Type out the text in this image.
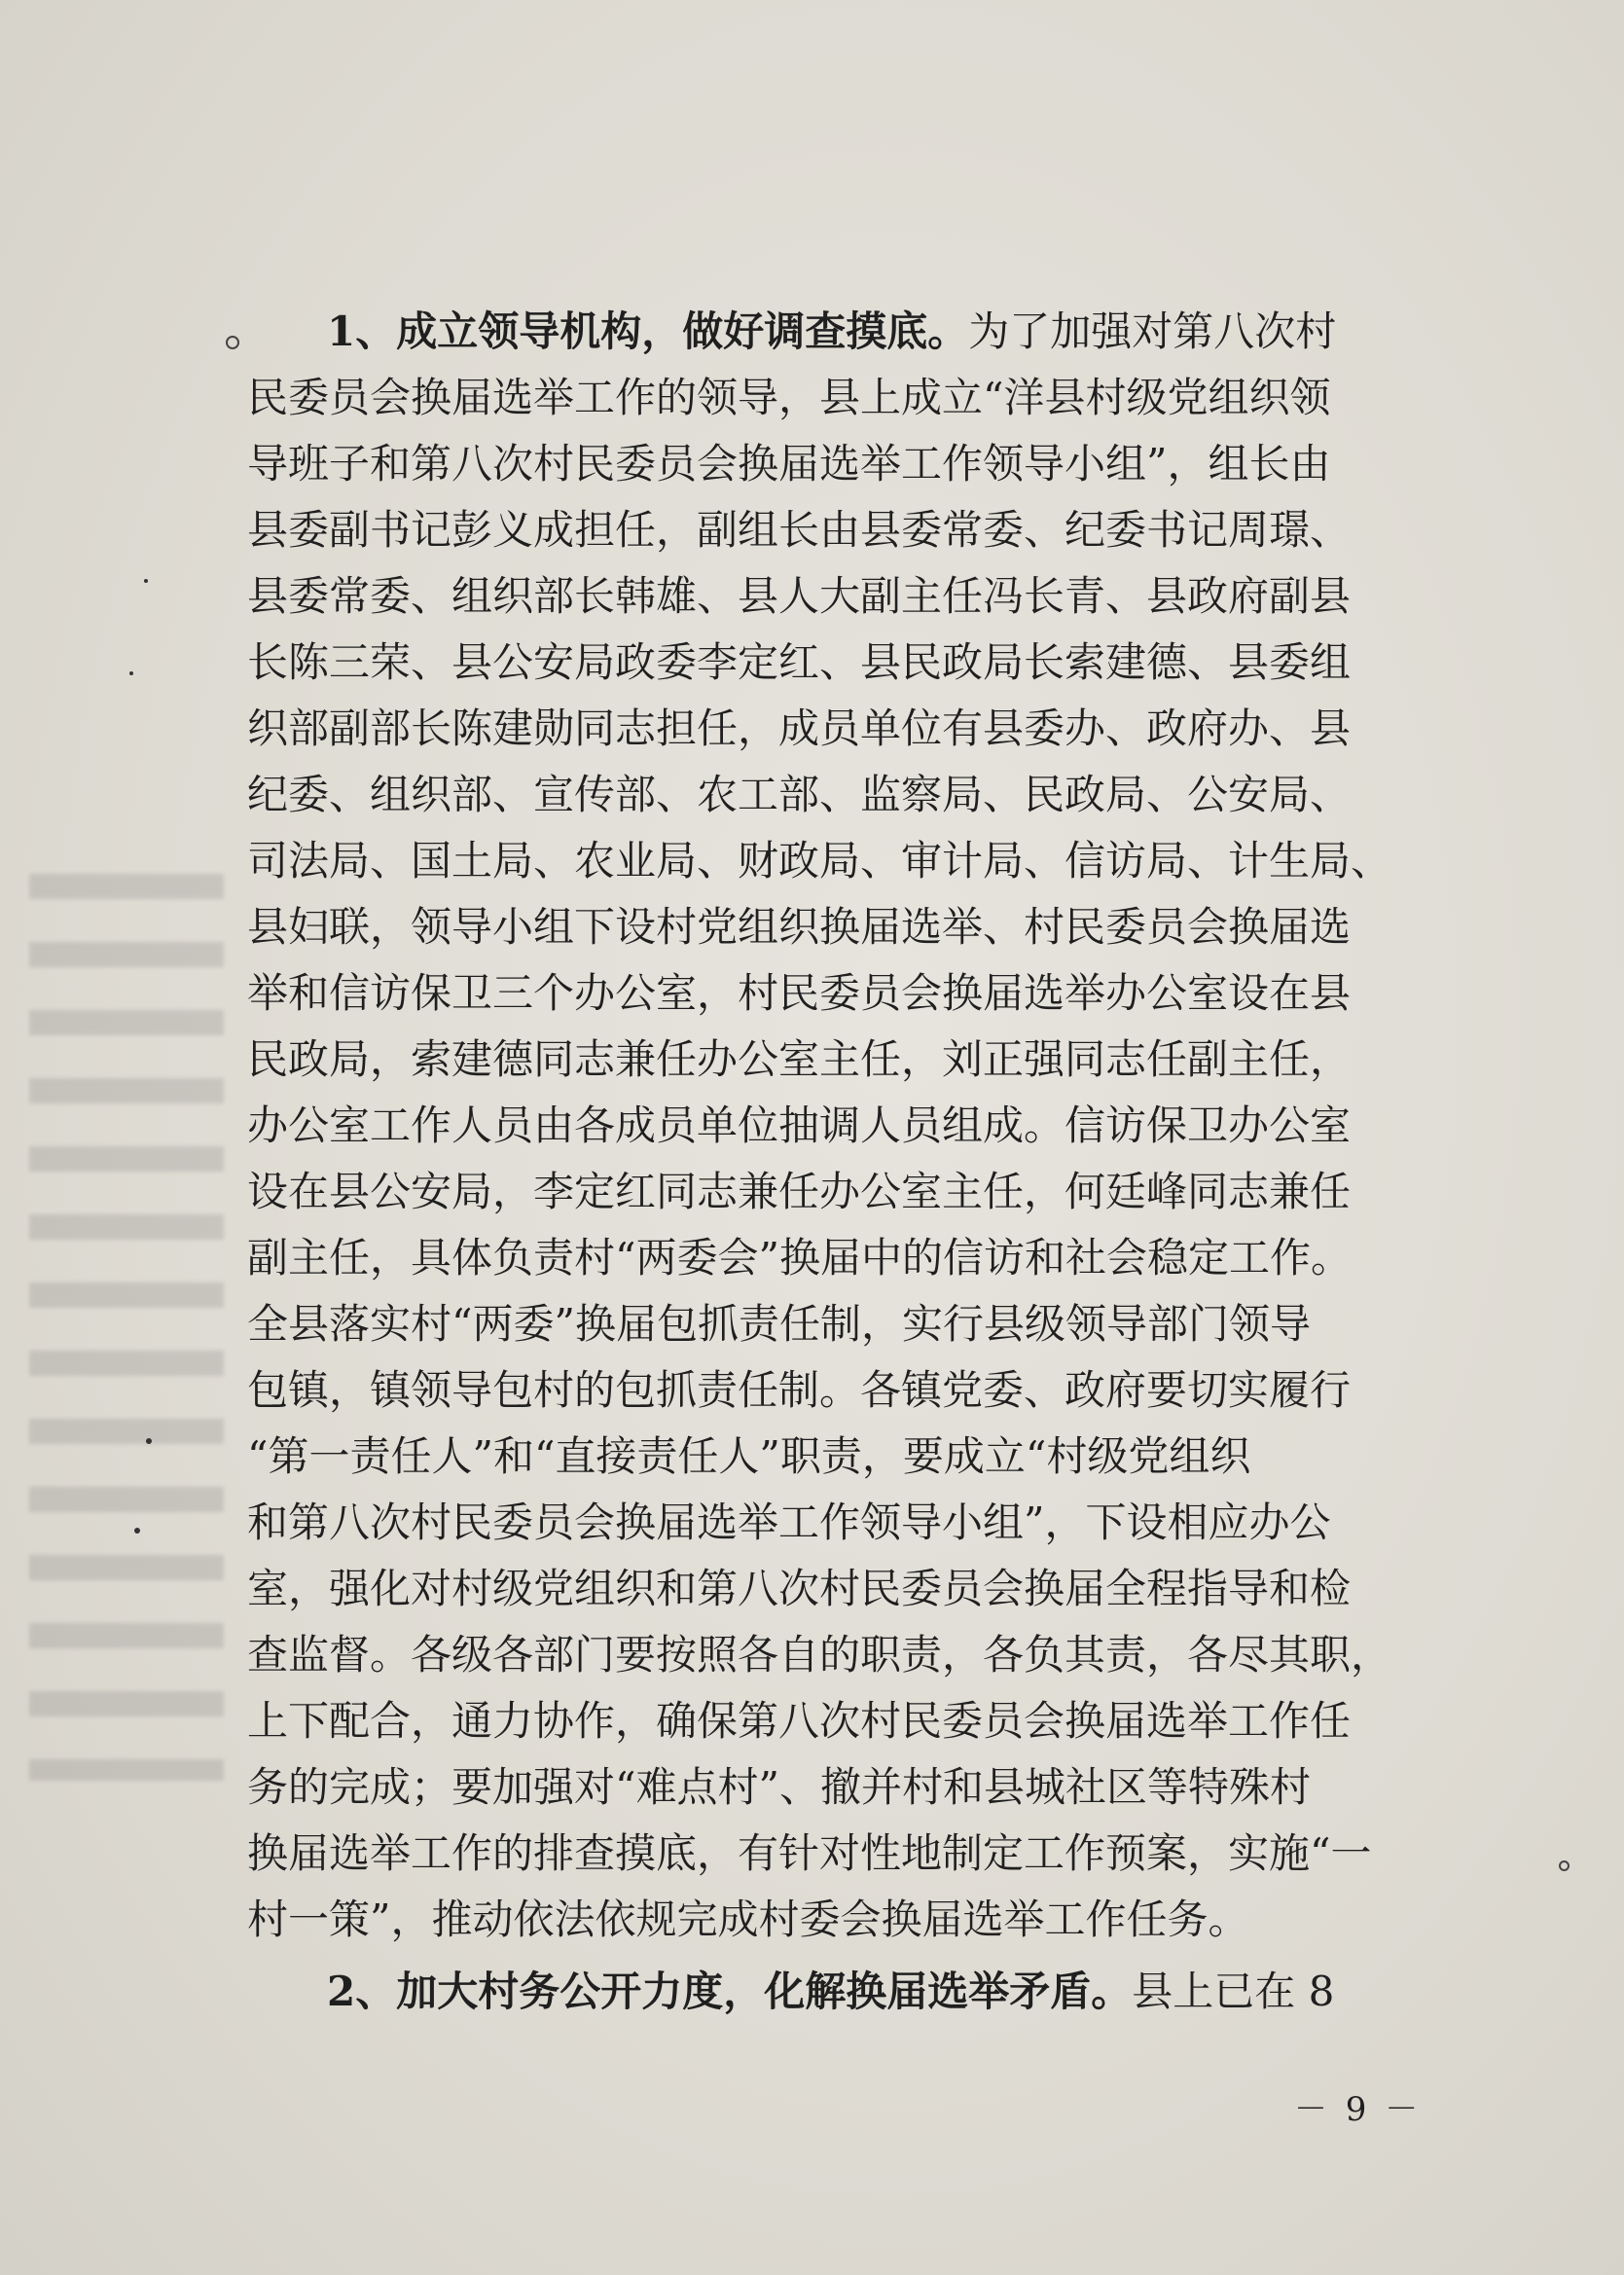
1、成立领导机构，做好调查摸底。为了加强对第八次村
民委员会换届选举工作的领导，县上成立“洋县村级党组织领
导班子和第八次村民委员会换届选举工作领导小组”，组长由
县委副书记彭义成担任，副组长由县委常委、纪委书记周璟、
县委常委、组织部长韩雄、县人大副主任冯长青、县政府副县
长陈三荣、县公安局政委李定红、县民政局长索建德、县委组
织部副部长陈建勋同志担任，成员单位有县委办、政府办、县
纪委、组织部、宣传部、农工部、监察局、民政局、公安局、
司法局、国土局、农业局、财政局、审计局、信访局、计生局、
县妇联，领导小组下设村党组织换届选举、村民委员会换届选
举和信访保卫三个办公室，村民委员会换届选举办公室设在县
民政局，索建德同志兼任办公室主任，刘正强同志任副主任，
办公室工作人员由各成员单位抽调人员组成。信访保卫办公室
设在县公安局，李定红同志兼任办公室主任，何廷峰同志兼任
副主任，具体负责村“两委会”换届中的信访和社会稳定工作。
全县落实村“两委”换届包抓责任制，实行县级领导部门领导
包镇，镇领导包村的包抓责任制。各镇党委、政府要切实履行
“第一责任人”和“直接责任人”职责，要成立“村级党组织
和第八次村民委员会换届选举工作领导小组”，下设相应办公
室，强化对村级党组织和第八次村民委员会换届全程指导和检
查监督。各级各部门要按照各自的职责，各负其责，各尽其职，
上下配合，通力协作，确保第八次村民委员会换届选举工作任
务的完成；要加强对“难点村”、撤并村和县城社区等特殊村
换届选举工作的排查摸底，有针对性地制定工作预案，实施“一
村一策”，推动依法依规完成村委会换届选举工作任务。
2、加大村务公开力度，化解换届选举矛盾。县上已在 8
－ 9 －
